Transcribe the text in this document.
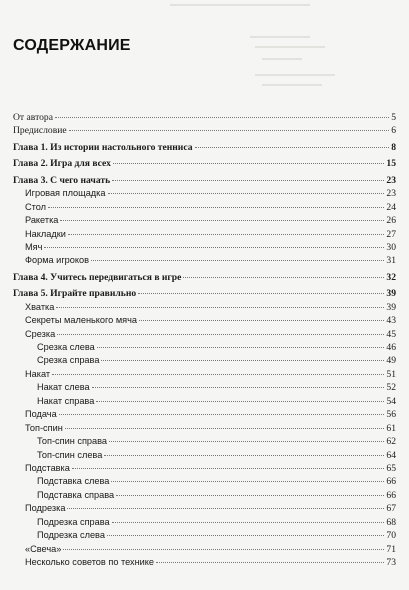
СОДЕРЖАНИЕ
От автора	5
Предисловие	6
Глава 1. Из истории настольного тенниса	8
Глава 2. Игра для всех	15
Глава 3. С чего начать	23
Игровая площадка	23
Стол	24
Ракетка	26
Накладки	27
Мяч	30
Форма игроков	31
Глава 4. Учитесь передвигаться в игре	32
Глава 5. Играйте правильно	39
Хватка	39
Секреты маленького мяча	43
Срезка	45
Срезка слева	46
Срезка справа	49
Накат	51
Накат слева	52
Накат справа	54
Подача	56
Топ-спин	61
Топ-спин справа	62
Топ-спин слева	64
Подставка	65
Подставка слева	66
Подставка справа	66
Подрезка	67
Подрезка справа	68
Подрезка слева	70
«Свеча»	71
Несколько советов по технике	73
